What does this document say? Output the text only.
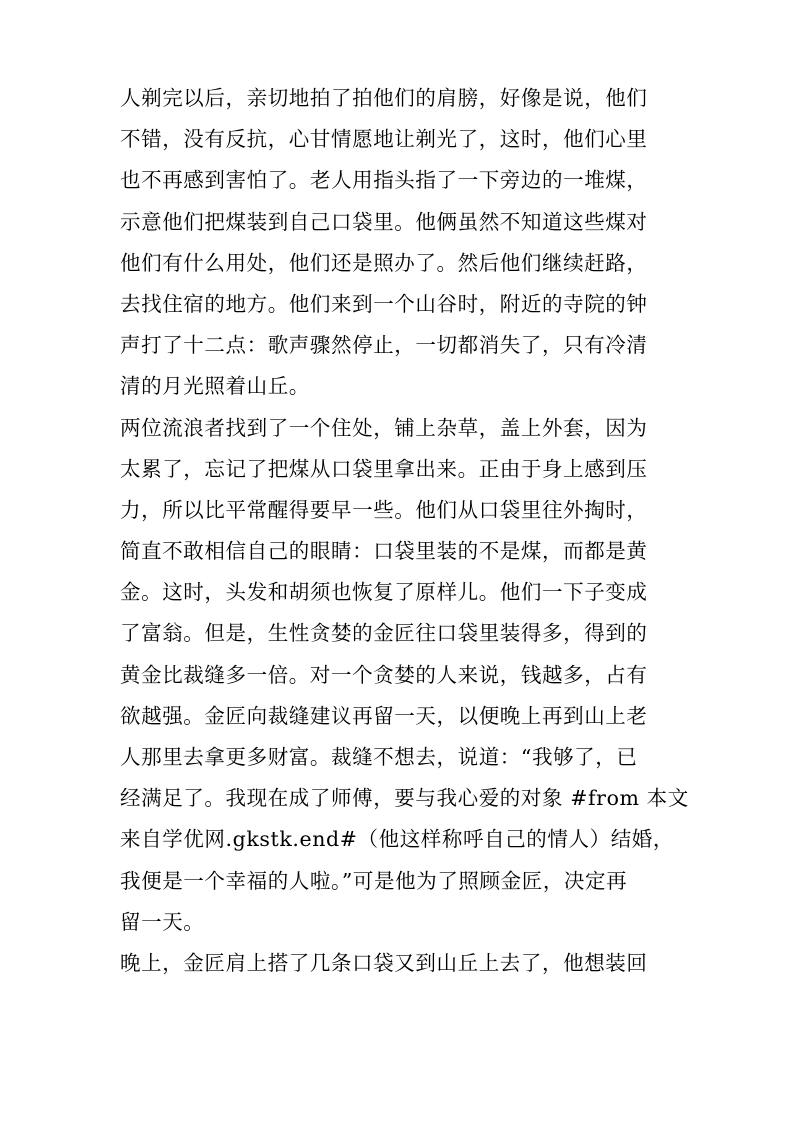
人剃完以后，亲切地拍了拍他们的肩膀，好像是说，他们
不错，没有反抗，心甘情愿地让剃光了，这时，他们心里
也不再感到害怕了。老人用指头指了一下旁边的一堆煤，
示意他们把煤装到自己口袋里。他俩虽然不知道这些煤对
他们有什么用处，他们还是照办了。然后他们继续赶路，
去找住宿的地方。他们来到一个山谷时，附近的寺院的钟
声打了十二点：歌声骤然停止，一切都消失了，只有冷清
清的月光照着山丘。
两位流浪者找到了一个住处，铺上杂草，盖上外套，因为
太累了，忘记了把煤从口袋里拿出来。正由于身上感到压
力，所以比平常醒得要早一些。他们从口袋里往外掏时，
简直不敢相信自己的眼睛：口袋里装的不是煤，而都是黄
金。这时，头发和胡须也恢复了原样儿。他们一下子变成
了富翁。但是，生性贪婪的金匠往口袋里装得多，得到的
黄金比裁缝多一倍。对一个贪婪的人来说，钱越多，占有
欲越强。金匠向裁缝建议再留一天，以便晚上再到山上老
人那里去拿更多财富。裁缝不想去，说道：“我够了，已
经满足了。我现在成了师傅，要与我心爱的对象 #from 本文
来自学优网.gkstk.end#（他这样称呼自己的情人）结婚，
我便是一个幸福的人啦。”可是他为了照顾金匠，决定再
留一天。
晚上，金匠肩上搭了几条口袋又到山丘上去了，他想装回
